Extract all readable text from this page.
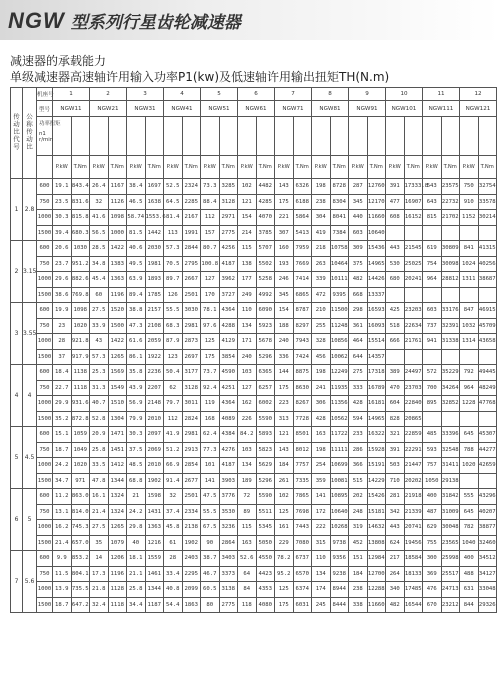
NGW 型系列行星齿轮减速器
减速器的承载能力
单级减速器高速轴许用输入功率P1(kw)及低速轴许用输出扭矩TH(N.m)
传动比代号	公称传动比	机座号	1		2		3		4		5		6		7		8		9		10		11		12	
		型号	NGW11		NGW21		NGW31		NGW41		NGW51		NGW61		NGW71		NGW81		NGW91		NGW101		NGW111		NGW121	

		功率扭矩
n1
r/min																								

			P.kW	T.Nm	P.kW	T.Nm	P.kW	T.Nm	P.kW	T.Nm	P.kW	T.Nm	P.kW	T.Nm	P.kW	T.Nm	P.kW	T.Nm	P.kW	T.Nm	P.kW	T.Nm	P.kW	T.Nm	P.kW	T.Nm
1	2.8	600	19.1	843.4	26.4	1167	38.4	1697	52.5	2324	73.3	3285	102	4482	143	6326	198	8728	287	12760	391	17333.8	543	23575	750	32754
		750	23.5	831.6	32	1126	46.5	1638	64.5	2285	88.4	3128	121	4285	175	6188	238	8304	345	12170	477	16907	643	22732	910	33578
		1000	30.3	815.8	41.6	1098	58.74	1553.6	81.4	2167	112	2971	154	4070	221	5864	304	8041	440	11660	608	16152	815	21702	1152	30214
		1500	39.4	680.3	56.5	1000	81.5	1442	113	1991	157	2775	214	3785	307	5413	419	7384	603	10640						
2	3.15	600	20.6	1030	28.5	1422	40.6	2030	57.3	2844	80.7	4256	115	5707	160	7959	218	10758	309	15436	443	21545	619	30809	841	41315
		750	23.7	951.2	34.8	1383	49.5	1981	70.5	2795	100.8	4187	138	5502	193	7669	263	10464	375	14965	530	25025	754	30098	1024	40256
		1000	29.6	882.6	45.4	1363	63.9	1893	89.7	2667	127	3962	177	5258	246	7414	339	10111	482	14426	680	20241	964	28812	1311	38687
		1500	38.6	769.8	60	1196	89.4	1785	126	2501	170	3727	249	4992	345	6865	472	9395	668	13337						
3	3.55	600	19.9	1098	27.5	1520	38.8	2157	55.5	3030	78.1	4364	110	6090	154	8787	210	11500	298	16593	425	23203	603	33176	847	46915
		750	23	1020	33.9	1500	47.3	2108	68.3	2981	97.6	4288	134	5923	188	8297	255	11248	361	16093	518	22634	737	32391	1032	45709
		1000	28	921.8	43	1422	61.6	2059	87.9	2873	125	4129	171	5678	240	7943	328	10856	464	15514	666	21761	941	31338	1314	43658
		1500	37	917.9	57.3	1265	86.1	1922	123	2697	175	3854	240	5296	336	7424	456	10062	644	14357						
4	4	600	18.4	1138	25.3	1569	35.8	2236	50.4	3177	73.7	4590	103	6365	144	8875	198	12249	275	17318	389	24497	572	35229	792	49445
		750	22.7	1118	31.3	1549	43.9	2207	62	3128	92.4	4251	127	6257	175	8630	241	11935	333	16789	470	23703	700	34264	964	48249
		1000	29.9	931.6	40.7	1510	56.9	2148	79.7	3011	119	4364	162	6002	223	8267	306	11356	428	16181	604	22840	895	32852	1228	47768
		1500	35.2	872.8	52.8	1304	79.9	2010	112	2824	168	4089	226	5590	313	7728	428	10562	594	14965	828	20865				
5	4.5	600	15.1	1059	20.9	1471	30.3	2097	41.9	2981	62.4	4384	84.2	5893	121	8501	163	11722	233	16322	321	22859	485	33396	645	45307
		750	18.7	1049	25.8	1451	37.5	2069	51.2	2913	77.3	4276	103	5823	143	8012	198	11111	286	15928	391	22291	593	32548	788	44277
		1000	24.2	1020	33.5	1412	48.5	2010	66.9	2854	101	4187	134	5629	184	7757	254	10699	366	15191	503	21447	757	31411	1020	42659
		1500	34.7	971	47.8	1344	68.8	1902	91.4	2677	141	3903	189	5296	261	7335	359	10081	515	14229	710	20202	1050	29138		
6	5	600	11.2	863.0	16.1	1324	21	1598	32	2501	47.5	3776	72	5590	102	7865	141	10895	202	15426	281	21918	400	31842	555	43296
		750	13.1	814.0	21.4	1324	24.2	1431	37.4	2334	55.5	3530	89	5511	125	7698	172	10640	248	15181	342	21339	487	31009	645	40207
		1000	16.2	745.3	27.5	1265	29.8	1363	45.8	2138	67.5	3236	115	5345	161	7443	222	10268	319	14632	443	20741	629	30048	782	38877
		1500	21.4	657.0	35	1079	40	1216	61	1902	90	2864	163	5050	229	7080	315	9738	452	13808	624	19456	755	23565	1040	32460
7	5.6	600	9.9	853.2	14	1206	18.1	1559	28	2403	38.7	3403	52.6	4550	78.2	6737	110	9356	151	12984	217	18584	300	25998	400	34512
		750	11.5	804.1	17.3	1196	21.1	1461	33.4	2295	46.7	3373	64	4423	95.2	6570	134	9238	184	12700	264	18133	369	25517	488	34127
		1000	13.9	735.5	21.8	1128	25.8	1344	40.8	2099	60.5	3138	84	4353	125	6374	174	8944	238	12288	340	17485	476	24713	631	33048
		1500	18.7	647.2	32.4	1118	34.4	1187	54.4	1863	80	2775	118	4080	175	6031	245	8444	338	11660	482	16544	670	23212	844	29326
